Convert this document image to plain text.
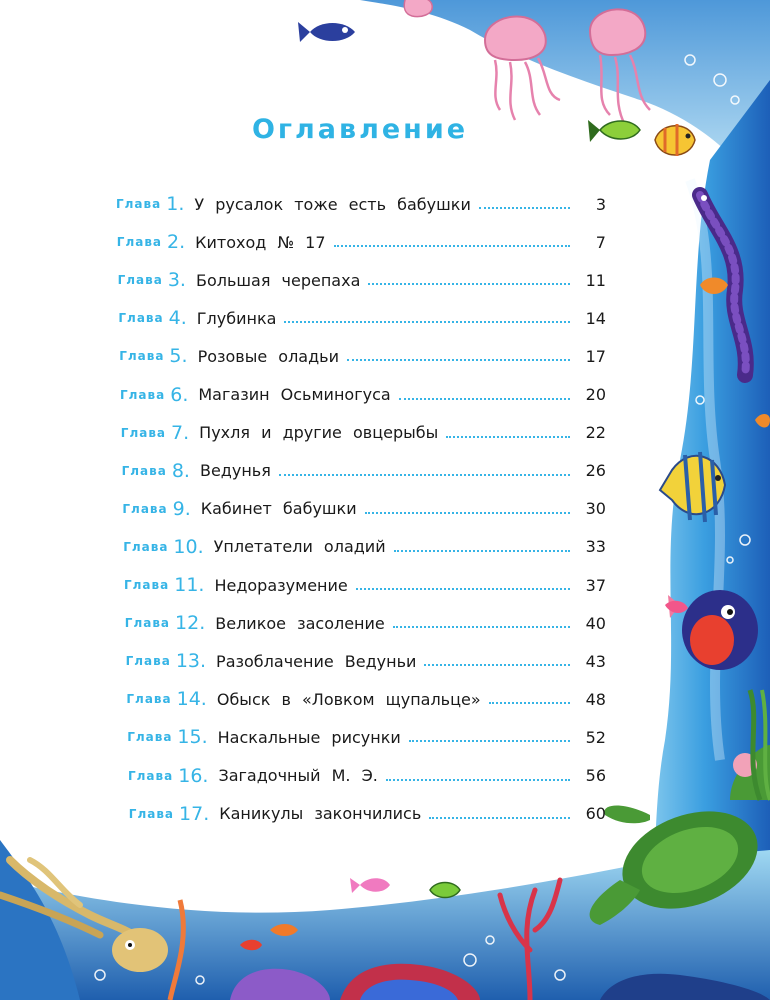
Оглавление
Глава 1. У русалок тоже есть бабушки	3
Глава 2. Китоход № 17	7
Глава 3. Большая черепаха	11
Глава 4. Глубинка	14
Глава 5. Розовые оладьи	17
Глава 6. Магазин Осьминогуса	20
Глава 7. Пухля и другие овцерыбы	22
Глава 8. Ведунья	26
Глава 9. Кабинет бабушки	30
Глава 10. Уплетатели оладий	33
Глава 11. Недоразумение	37
Глава 12. Великое засоление	40
Глава 13. Разоблачение Ведуньи	43
Глава 14. Обыск в «Ловком щупальце»	48
Глава 15. Наскальные рисунки	52
Глава 16. Загадочный М. Э.	56
Глава 17. Каникулы закончились	60
